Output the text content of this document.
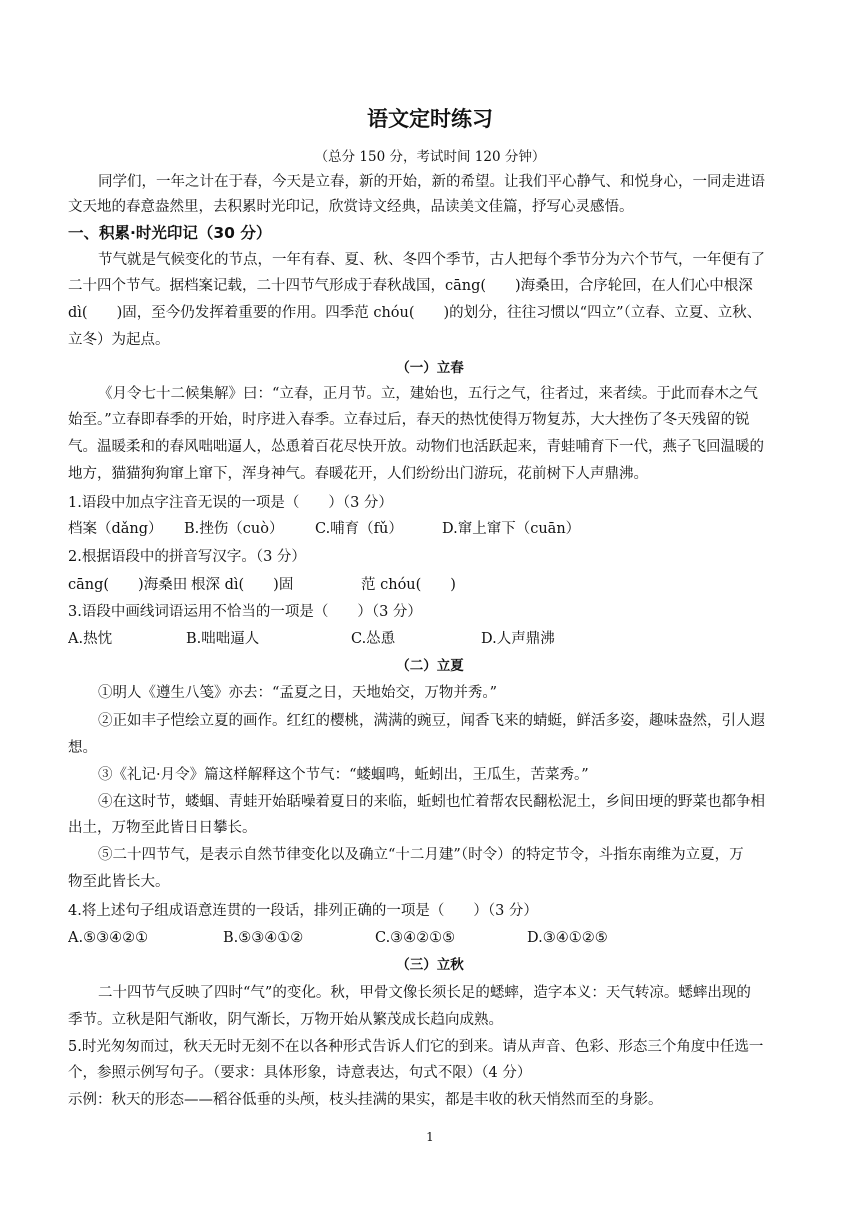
语文定时练习
（总分 150 分，考试时间 120 分钟）
同学们，一年之计在于春，今天是立春，新的开始，新的希望。让我们平心静气、和悦身心，一同走进语
文天地的春意盎然里，去积累时光印记，欣赏诗文经典，品读美文佳篇，抒写心灵感悟。
一、积累·时光印记（30 分）
节气就是气候变化的节点，一年有春、夏、秋、冬四个季节，古人把每个季节分为六个节气，一年便有了
二十四个节气。据档案记载，二十四节气形成于春秋战国，cāng(　　)海桑田，合序轮回，在人们心中根深
dì(　　)固，至今仍发挥着重要的作用。四季范 chóu(　　)的划分，往往习惯以“四立”（立春、立夏、立秋、
立冬）为起点。
（一）立春
《月令七十二候集解》曰：“立春，正月节。立，建始也，五行之气，往者过，来者续。于此而春木之气
始至。”立春即春季的开始，时序进入春季。立春过后，春天的热忱使得万物复苏，大大挫伤了冬天残留的锐
气。温暖柔和的春风咄咄逼人，怂恿着百花尽快开放。动物们也活跃起来，青蛙哺育下一代，燕子飞回温暖的
地方，猫猫狗狗窜上窜下，浑身神气。春暖花开，人们纷纷出门游玩，花前树下人声鼎沸。
1.语段中加点字注音无误的一项是（　　）（3 分）
档案（dǎng）	B.挫伤（cuò）	C.哺育（fǔ）	D.窜上窜下（cuān）
2.根据语段中的拼音写汉字。（3 分）
cāng(　　)海桑田 根深 dì(　　)固	范 chóu(　　)
3.语段中画线词语运用不恰当的一项是（　　）（3 分）
A.热忱	B.咄咄逼人	C.怂恿	D.人声鼎沸
（二）立夏
①明人《遵生八笺》亦去：“孟夏之日，天地始交，万物并秀。”
②正如丰子恺绘立夏的画作。红红的樱桃，满满的豌豆，闻香飞来的蜻蜓，鲜活多姿，趣味盎然，引人遐
想。
③《礼记·月令》篇这样解释这个节气：“蝼蝈鸣，蚯蚓出，王瓜生，苦菜秀。”
④在这时节，蝼蝈、青蛙开始聒噪着夏日的来临，蚯蚓也忙着帮农民翻松泥土，乡间田埂的野菜也都争相
出土，万物至此皆日日攀长。
⑤二十四节气，是表示自然节律变化以及确立“十二月建”（时令）的特定节令，斗指东南维为立夏，万
物至此皆长大。
4.将上述句子组成语意连贯的一段话，排列正确的一项是（　　）（3 分）
A.⑤③④②①	B.⑤③④①②	C.③④②①⑤	D.③④①②⑤
（三）立秋
二十四节气反映了四时“气”的变化。秋，甲骨文像长须长足的蟋蟀，造字本义：天气转凉。蟋蟀出现的
季节。立秋是阳气渐收，阴气渐长，万物开始从繁茂成长趋向成熟。
5.时光匆匆而过，秋天无时无刻不在以各种形式告诉人们它的到来。请从声音、色彩、形态三个角度中任选一
个，参照示例写句子。（要求：具体形象，诗意表达，句式不限）（4 分）
示例：秋天的形态——稻谷低垂的头颅，枝头挂满的果实，都是丰收的秋天悄然而至的身影。
1
